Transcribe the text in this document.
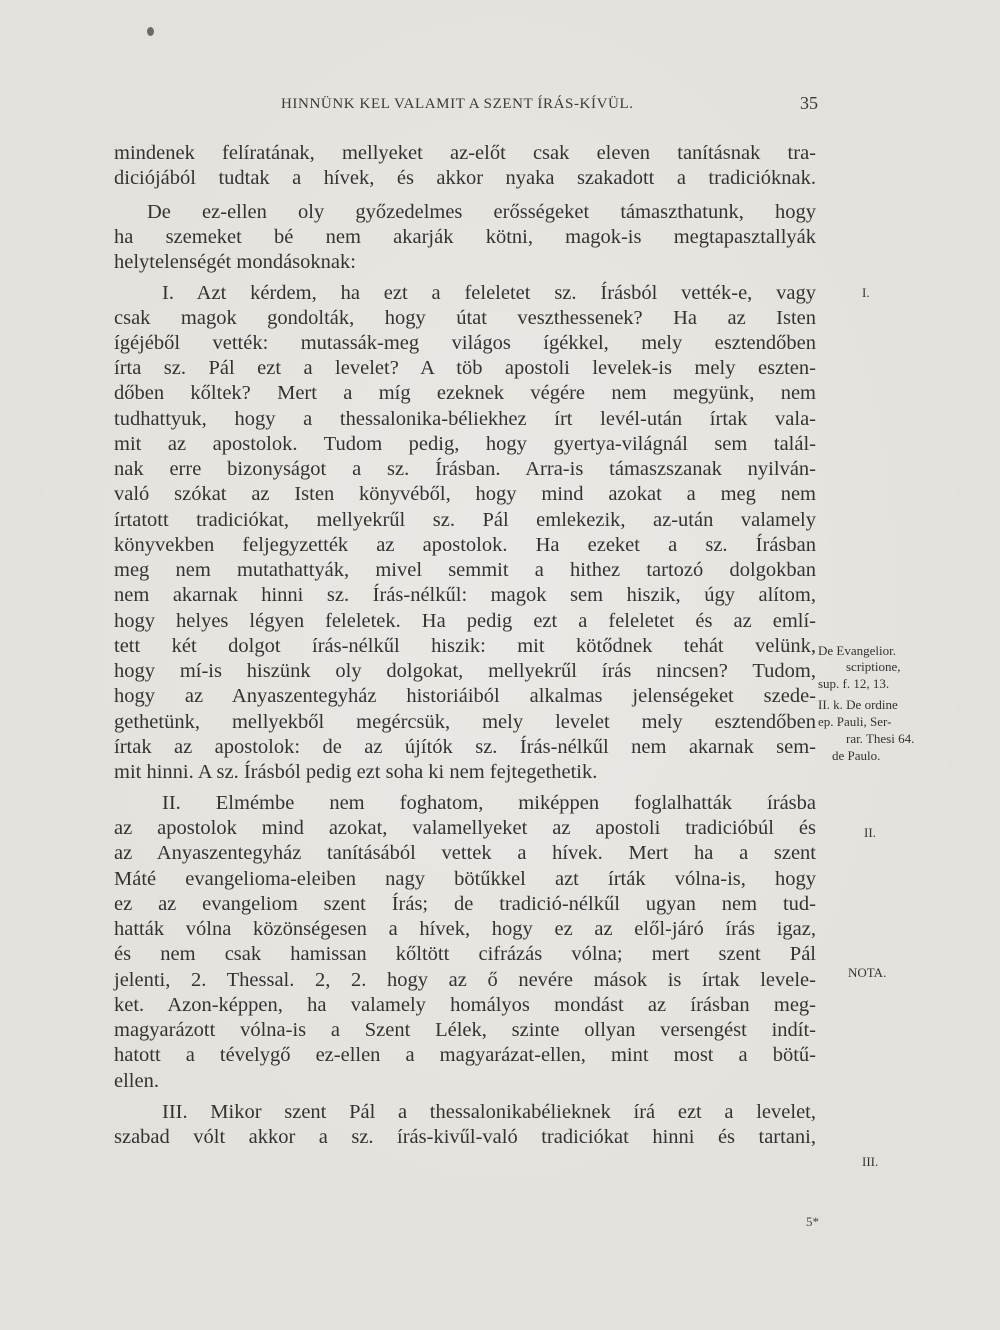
HINNÜNK KEL VALAMIT A SZENT ÍRÁS-KÍVÜL.	35
mindenek felíratának, mellyeket az-előt csak eleven tanításnak tra-
diciójából tudtak a hívek, és akkor nyaka szakadott a tradicióknak.
De ez-ellen oly győzedelmes erősségeket támaszthatunk, hogy
ha szemeket bé nem akarják kötni, magok-is megtapasztallyák
helytelenségét mondásoknak:
I. Azt kérdem, ha ezt a feleletet sz. Írásból vették-e, vagy
csak magok gondolták, hogy útat veszthessenek? Ha az Isten
ígéjéből vették: mutassák-meg világos ígékkel, mely esztendőben
írta sz. Pál ezt a levelet? A töb apostoli levelek-is mely eszten-
dőben kőltek? Mert a míg ezeknek végére nem megyünk, nem
tudhattyuk, hogy a thessalonika-béliekhez írt levél-után írtak vala-
mit az apostolok. Tudom pedig, hogy gyertya-világnál sem talál-
nak erre bizonyságot a sz. Írásban. Arra-is támaszszanak nyilván-
való szókat az Isten könyvéből, hogy mind azokat a meg nem
írtatott tradiciókat, mellyekrűl sz. Pál emlekezik, az-után valamely
könyvekben feljegyzették az apostolok. Ha ezeket a sz. Írásban
meg nem mutathattyák, mivel semmit a hithez tartozó dolgokban
nem akarnak hinni sz. Írás-nélkűl: magok sem hiszik, úgy alítom,
hogy helyes légyen feleletek. Ha pedig ezt a feleletet és az emlí-
tett két dolgot írás-nélkűl hiszik: mit kötődnek tehát velünk,
hogy mí-is hiszünk oly dolgokat, mellyekrűl írás nincsen? Tudom,
hogy az Anyaszentegyház historiáiból alkalmas jelenségeket szede-
gethetünk, mellyekből megércsük, mely levelet mely esztendőben
írtak az apostolok: de az újítók sz. Írás-nélkűl nem akarnak sem-
mit hinni. A sz. Írásból pedig ezt soha ki nem fejtegethetik.
II. Elmémbe nem foghatom, miképpen foglalhatták írásba
az apostolok mind azokat, valamellyeket az apostoli tradicióbúl és
az Anyaszentegyház tanításából vettek a hívek. Mert ha a szent
Máté evangelioma-eleiben nagy bötűkkel azt írták vólna-is, hogy
ez az evangeliom szent Írás; de tradició-nélkűl ugyan nem tud-
hatták vólna közönségesen a hívek, hogy ez az elől-járó írás igaz,
és nem csak hamissan kőltött cifrázás vólna; mert szent Pál
jelenti, 2. Thessal. 2, 2. hogy az ő nevére mások is írtak levele-
ket. Azon-képpen, ha valamely homályos mondást az írásban meg-
magyarázott vólna-is a Szent Lélek, szinte ollyan versengést indít-
hatott a tévelygő ez-ellen a magyarázat-ellen, mint most a bötű-
ellen.
III. Mikor szent Pál a thessalonikabélieknek írá ezt a levelet,
szabad vólt akkor a sz. írás-kivűl-való tradiciókat hinni és tartani,
I.
De Evangelior.
scriptione,
sup. f. 12, 13.
II. k. De ordine
ep. Pauli, Ser-
rar. Thesi 64.
de Paulo.
II.
NOTA.
III.
5*
